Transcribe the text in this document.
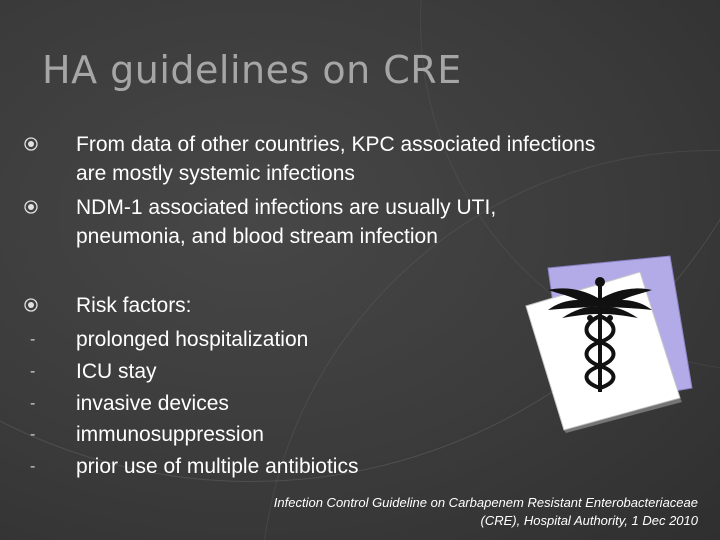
HA guidelines on CRE
From data of other countries, KPC associated infections are mostly systemic infections
NDM-1 associated infections are usually UTI, pneumonia, and blood stream infection
Risk factors:
- prolonged hospitalization
- ICU stay
- invasive devices
- immunosuppression
- prior use of multiple antibiotics
Infection Control Guideline on Carbapenem Resistant Enterobacteriaceae
(CRE), Hospital Authority, 1 Dec 2010
